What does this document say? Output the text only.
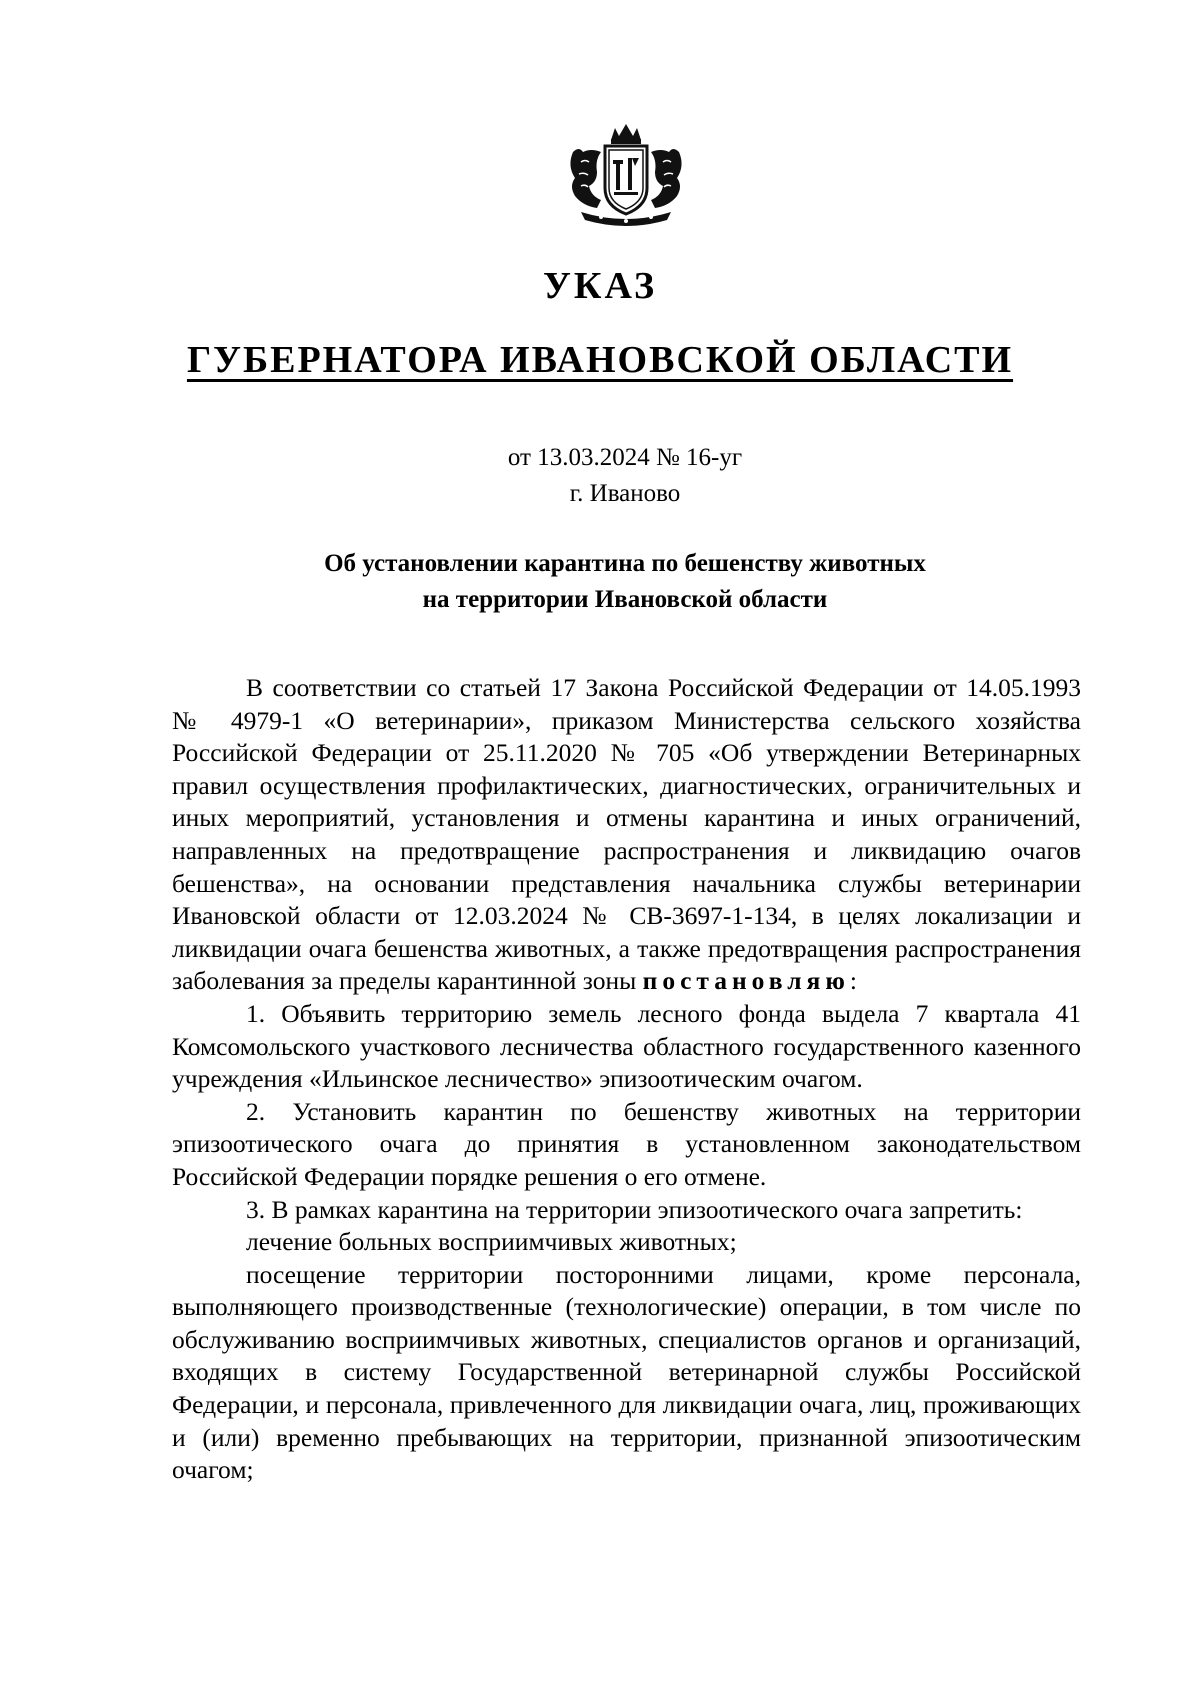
УКАЗ
ГУБЕРНАТОРА ИВАНОВСКОЙ ОБЛАСТИ
от 13.03.2024 № 16-уг
г. Иваново
Об установлении карантина по бешенству животных
на территории Ивановской области

В соответствии со статьей 17 Закона Российской Федерации от 14.05.1993 № 4979-1 «О ветеринарии», приказом Министерства сельского хозяйства Российской Федерации от 25.11.2020 № 705 «Об утверждении Ветеринарных правил осуществления профилактических, диагностических, ограничительных и иных мероприятий, установления и отмены карантина и иных ограничений, направленных на предотвращение распространения и ликвидацию очагов бешенства», на основании представления начальника службы ветеринарии Ивановской области от 12.03.2024 № СВ-3697-1-134, в целях локализации и ликвидации очага бешенства животных, а также предотвращения распространения заболевания за пределы карантинной зоны постановляю:

1. Объявить территорию земель лесного фонда выдела 7 квартала 41 Комсомольского участкового лесничества областного государственного казенного учреждения «Ильинское лесничество» эпизоотическим очагом.

2. Установить карантин по бешенству животных на территории эпизоотического очага до принятия в установленном законодательством Российской Федерации порядке решения о его отмене.

3. В рамках карантина на территории эпизоотического очага запретить:

лечение больных восприимчивых животных;

посещение территории посторонними лицами, кроме персонала, выполняющего производственные (технологические) операции, в том числе по обслуживанию восприимчивых животных, специалистов органов и организаций, входящих в систему Государственной ветеринарной службы Российской Федерации, и персонала, привлеченного для ликвидации очага, лиц, проживающих и (или) временно пребывающих на территории, признанной эпизоотическим очагом;
